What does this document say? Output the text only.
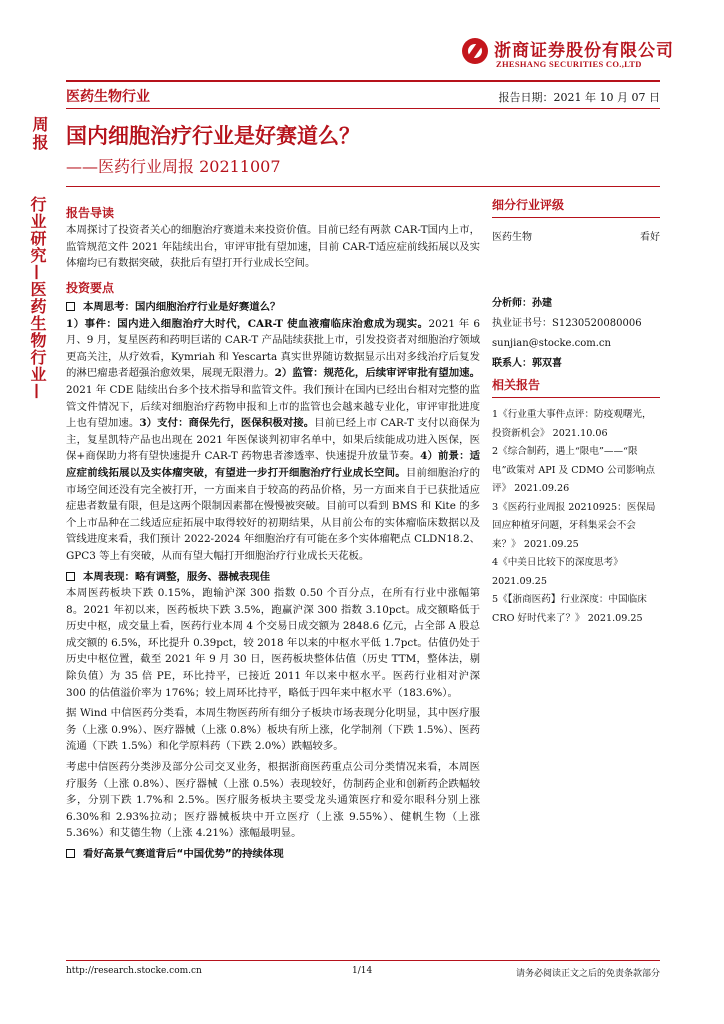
浙商证券股份有限公司
ZHESHANG SECURITIES CO.,LTD
医药生物行业	报告日期：2021 年 10 月 07 日
周报
行业研究—医药生物行业—
国内细胞治疗行业是好赛道么？
——医药行业周报 20211007
报告导读
本周探讨了投资者关心的细胞治疗赛道未来投资价值。目前已经有两款 CAR-T国内上市，监管规范文件 2021 年陆续出台，审评审批有望加速，目前 CAR-T适应症前线拓展以及实体瘤均已有数据突破，获批后有望打开行业成长空间。
投资要点
本周思考：国内细胞治疗行业是好赛道么？
1）事件：国内进入细胞治疗大时代，CAR-T 使血液瘤临床治愈成为现实。2021 年 6 月、9 月，复星医药和药明巨诺的 CAR-T 产品陆续获批上市，引发投资者对细胞治疗领域更高关注，从疗效看，Kymriah 和 Yescarta 真实世界随访数据显示出对多线治疗后复发的淋巴瘤患者超强治愈效果，展现无限潜力。2）监管：规范化，后续审评审批有望加速。2021 年 CDE 陆续出台多个技术指导和监管文件。我们预计在国内已经出台相对完整的监管文件情况下，后续对细胞治疗药物申报和上市的监管也会越来越专业化，审评审批进度上也有望加速。3）支付：商保先行，医保积极对接。目前已经上市 CAR-T 支付以商保为主，复星凯特产品也出现在 2021 年医保谈判初审名单中，如果后续能成功进入医保，医保+商保助力将有望快速提升 CAR-T 药物患者渗透率、快速提升放量节奏。4）前景：适应症前线拓展以及实体瘤突破，有望进一步打开细胞治疗行业成长空间。目前细胞治疗的市场空间还没有完全被打开，一方面来自于较高的药品价格，另一方面来自于已获批适应症患者数量有限，但是这两个限制因素都在慢慢被突破。目前可以看到 BMS 和 Kite 的多个上市品种在二线适应症拓展中取得较好的初期结果，从目前公布的实体瘤临床数据以及管线进度来看，我们预计 2022-2024 年细胞治疗有可能在多个实体瘤靶点 CLDN18.2、GPC3 等上有突破，从而有望大幅打开细胞治疗行业成长天花板。
本周表现：略有调整，服务、器械表现佳
本周医药板块下跌 0.15%，跑输沪深 300 指数 0.50 个百分点，在所有行业中涨幅第 8。2021 年初以来，医药板块下跌 3.5%，跑赢沪深 300 指数 3.10pct。成交额略低于历史中枢，成交量上看，医药行业本周 4 个交易日成交额为 2848.6 亿元，占全部 A 股总成交额的 6.5%，环比提升 0.39pct，较 2018 年以来的中枢水平低 1.7pct。估值仍处于历史中枢位置，截至 2021 年 9 月 30 日，医药板块整体估值（历史 TTM，整体法，剔除负值）为 35 倍 PE，环比持平，已接近 2011 年以来中枢水平。医药行业相对沪深 300 的估值溢价率为 176%；较上周环比持平，略低于四年来中枢水平（183.6%）。
据 Wind 中信医药分类看，本周生物医药所有细分子板块市场表现分化明显，其中医疗服务（上涨 0.9%）、医疗器械（上涨 0.8%）板块有所上涨，化学制剂（下跌 1.5%）、医药流通（下跌 1.5%）和化学原料药（下跌 2.0%）跌幅较多。
考虑中信医药分类涉及部分公司交叉业务，根据浙商医药重点公司分类情况来看，本周医疗服务（上涨 0.8%）、医疗器械（上涨 0.5%）表现较好，仿制药企业和创新药企跌幅较多，分别下跌 1.7%和 2.5%。医疗服务板块主要受龙头通策医疗和爱尔眼科分别上涨 6.30%和 2.93%拉动；医疗器械板块中开立医疗（上涨 9.55%）、健帆生物（上涨 5.36%）和艾德生物（上涨 4.21%）涨幅最明显。
看好高景气赛道背后“中国优势”的持续体现
细分行业评级
医药生物	看好
分析师：孙建
执业证书号：S1230520080006
sunjian@stocke.com.cn
联系人：郭双喜
相关报告
1《行业重大事件点评：防疫观曙光，投资新机会》 2021.10.06
2《综合制药，遇上“限电”——“限电”政策对 API 及 CDMO 公司影响点评》 2021.09.26
3《医药行业周报 20210925：医保局回应种植牙问题，牙科集采会不会来？》 2021.09.25
4《中美日比较下的深度思考》 2021.09.25
5《【浙商医药】行业深度：中国临床 CRO 好时代来了？》 2021.09.25
http://research.stocke.com.cn	1/14	请务必阅读正文之后的免责条款部分
